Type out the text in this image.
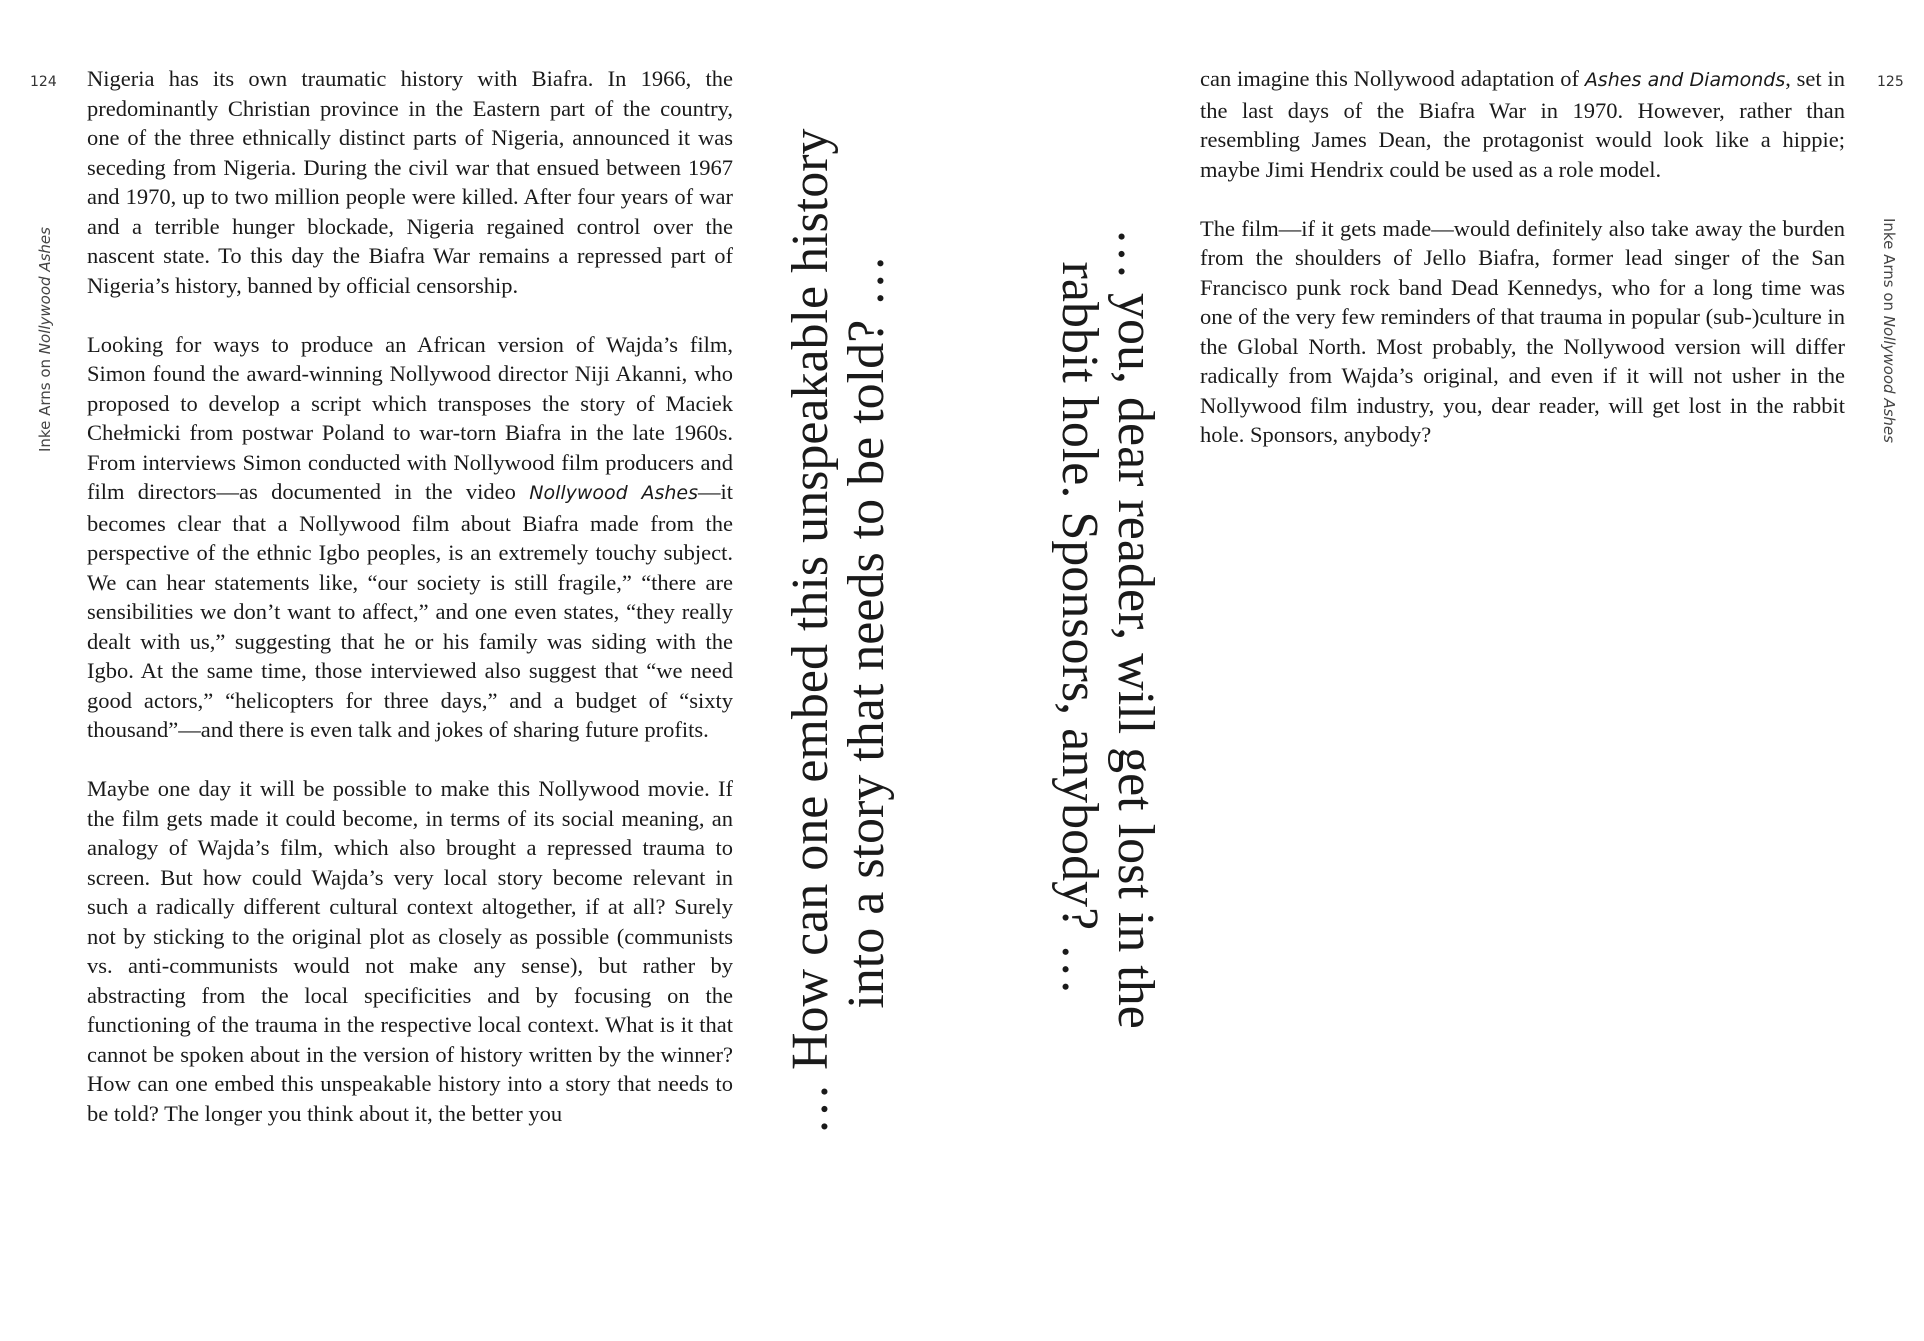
124
Inke Arns on Nollywood Ashes

Nigeria has its own traumatic history with Biafra. In 1966, the predominantly Christian province in the Eastern part of the country, one of the three ethnically distinct parts of Nigeria, announced it was seceding from Nigeria. During the civil war that ensued between 1967 and 1970, up to two million people were killed. After four years of war and a terrible hunger blockade, Nigeria regained control over the nascent state. To this day the Biafra War remains a repressed part of Nigeria’s history, banned by official censorship.

Looking for ways to produce an African version of Wajda’s film, Simon found the award-winning Nollywood director Niji Akanni, who proposed to develop a script which transposes the story of Maciek Chełmicki from postwar Poland to war-torn Biafra in the late 1960s. From interviews Simon conducted with Nollywood film producers and film directors—as documented in the video Nollywood Ashes—it becomes clear that a Nollywood film about Biafra made from the perspective of the ethnic Igbo peoples, is an extremely touchy subject. We can hear statements like, “our society is still fragile,” “there are sensibilities we don’t want to affect,” and one even states, “they really dealt with us,” suggesting that he or his family was siding with the Igbo. At the same time, those interviewed also suggest that “we need good actors,” “helicopters for three days,” and a budget of “sixty thousand”—and there is even talk and jokes of sharing future profits.

Maybe one day it will be possible to make this Nollywood movie. If the film gets made it could become, in terms of its social meaning, an analogy of Wajda’s film, which also brought a repressed trauma to screen. But how could Wajda’s very local story become relevant in such a radically different cultural context altogether, if at all? Surely not by sticking to the original plot as closely as possible (communists vs. anti-communists would not make any sense), but rather by abstracting from the local specificities and by focusing on the functioning of the trauma in the respective local context. What is it that cannot be spoken about in the version of history written by the winner? How can one embed this unspeakable history into a story that needs to be told? The longer you think about it, the better you	… How can one embed this unspeakable history into a story that needs to be told? …	… you, dear reader, will get lost in the
rabbit hole. Sponsors, anybody? …

can imagine this Nollywood adaptation of Ashes and Diamonds, set in the last days of the Biafra War in 1970. However, rather than resembling James Dean, the protagonist would look like a hippie; maybe Jimi Hendrix could be used as a role model.

The film—if it gets made—would definitely also take away the burden from the shoulders of Jello Biafra, former lead singer of the San Francisco punk rock band Dead Kennedys, who for a long time was one of the very few reminders of that trauma in popular (sub-)culture in the Global North. Most probably, the Nollywood version will differ radically from Wajda’s original, and even if it will not usher in the Nollywood film industry, you, dear reader, will get lost in the rabbit hole. Sponsors, anybody?

125
Inke Arns on Nollywood Ashes
